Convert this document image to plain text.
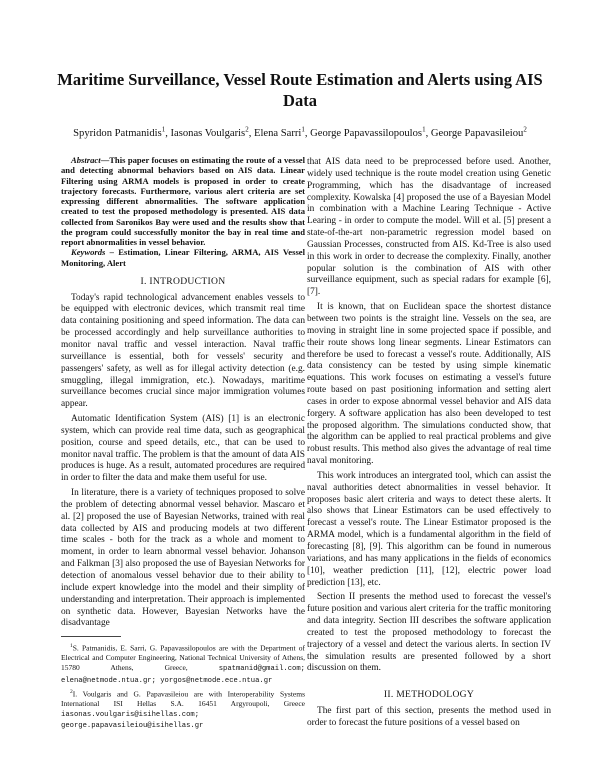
Maritime Surveillance, Vessel Route Estimation and Alerts using AIS Data
Spyridon Patmanidis$^1$, Iasonas Voulgaris$^2$, Elena Sarri$^1$, George Papavassilopoulos$^1$, George Papavasileiou$^2$

Abstract—This paper focuses on estimating the route of a vessel and detecting abnormal behaviors based on AIS data. Linear Filtering using ARMA models is proposed in order to create trajectory forecasts. Furthermore, various alert criteria are set expressing different abnormalities. The software application created to test the proposed methodology is presented. AIS data collected from Saronikos Bay were used and the results show that the program could successfully monitor the bay in real time and report abnormalities in vessel behavior.

Keywords – Estimation, Linear Filtering, ARMA, AIS Vessel Monitoring, Alert

I. INTRODUCTION

Today's rapid technological advancement enables vessels to be equipped with electronic devices, which transmit real time data containing positioning and speed information. The data can be processed accordingly and help surveillance authorities to monitor naval traffic and vessel interaction. Naval traffic surveillance is essential, both for vessels' security and passengers' safety, as well as for illegal activity detection (e.g. smuggling, illegal immigration, etc.). Nowadays, maritime surveillance becomes crucial since major immigration volumes appear.

Automatic Identification System (AIS) [1] is an electronic system, which can provide real time data, such as geographical position, course and speed details, etc., that can be used to monitor naval traffic. The problem is that the amount of data AIS produces is huge. As a result, automated procedures are required in order to filter the data and make them useful for use.

In literature, there is a variety of techniques proposed to solve the problem of detecting abnormal vessel behavior. Mascaro et al. [2] proposed the use of Bayesian Networks, trained with real data collected by AIS and producing models at two different time scales - both for the track as a whole and moment to moment, in order to learn abnormal vessel behavior. Johanson and Falkman [3] also proposed the use of Bayesian Networks for detection of anomalous vessel behavior due to their ability to include expert knowledge into the model and their simplity of understanding and interpretation. Their approach is implemented on synthetic data. However, Bayesian Networks have the disadvantage

$^1$S. Patmanidis, E. Sarri, G. Papavassilopoulos are with the Department of Electrical and Computer Engineering, National Technical University of Athens, 15780 Athens, Greece,	spatmanid@gmail.com; elena@netmode.ntua.gr; yorgos@netmode.ece.ntua.gr

$^2$I. Voulgaris and G. Papavasileiou are with Interoperability Systems International ISI Hellas S.A. 16451 Argyroupoli, Greece iasonas.voulgaris@isihellas.com; george.papavasileiou@isihellas.gr

that AIS data need to be preprocessed before used. Another, widely used technique is the route model creation using Genetic Programming, which has the disadvantage of increased complexity. Kowalska [4] proposed the use of a Bayesian Model in combination with a Machine Learing Technique - Active Learing - in order to compute the model. Will et al. [5] present a state-of-the-art non-parametric regression model based on Gaussian Processes, constructed from AIS. Kd-Tree is also used in this work in order to decrease the complexity. Finally, another popular solution is the combination of AIS with other surveillance equipment, such as special radars for example [6], [7].

It is known, that on Euclidean space the shortest distance between two points is the straight line. Vessels on the sea, are moving in straight line in some projected space if possible, and their route shows long linear segments. Linear Estimators can therefore be used to forecast a vessel's route. Additionally, AIS data consistency can be tested by using simple kinematic equations. This work focuses on estimating a vessel's future route based on past positioning information and setting alert cases in order to expose abnormal vessel behavior and AIS data forgery. A software application has also been developed to test the proposed algorithm. The simulations conducted show, that the algorithm can be applied to real practical problems and give robust results. This method also gives the advantage of real time naval monitoring.

This work introduces an intergrated tool, which can assist the naval authorities detect abnormalities in vessel behavior. It proposes basic alert criteria and ways to detect these alerts. It also shows that Linear Estimators can be used effectively to forecast a vessel's route. The Linear Estimator proposed is the ARMA model, which is a fundamental algorithm in the field of forecasting [8], [9]. This algorithm can be found in numerous variations, and has many applications in the fields of economics [10], weather prediction [11], [12], electric power load prediction [13], etc.

Section II presents the method used to forecast the vessel's future position and various alert criteria for the traffic monitoring and data integrity. Section III describes the software application created to test the proposed methodology to forecast the trajectory of a vessel and detect the various alerts. In section IV the simulation results are presented followed by a short discussion on them.

II. METHODOLOGY

The first part of this section, presents the method used in order to forecast the future positions of a vessel based on
